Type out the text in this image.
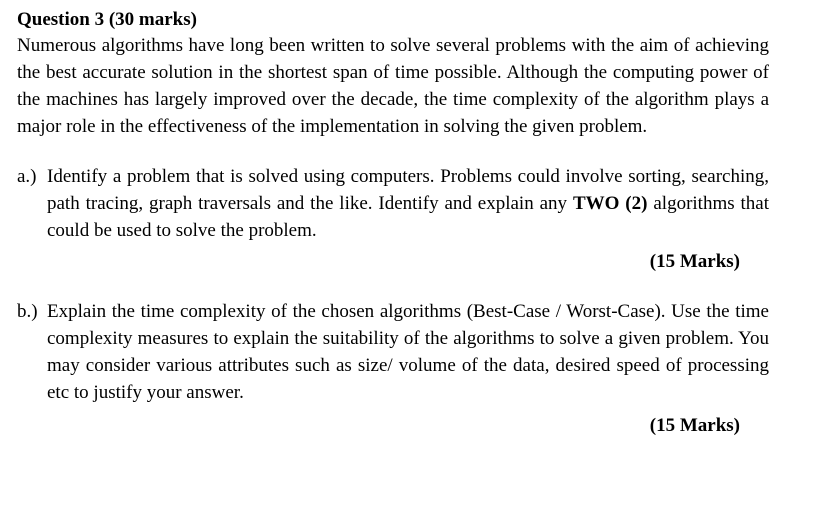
Question 3 (30 marks)

Numerous algorithms have long been written to solve several problems with the aim of achieving the best accurate solution in the shortest span of time possible. Although the computing power of the machines has largely improved over the decade, the time complexity of the algorithm plays a major role in the effectiveness of the implementation in solving the given problem.

a.) Identify a problem that is solved using computers. Problems could involve sorting, searching, path tracing, graph traversals and the like. Identify and explain any TWO (2) algorithms that could be used to solve the problem.
(15 Marks)
b.) Explain the time complexity of the chosen algorithms (Best-Case / Worst-Case). Use the time complexity measures to explain the suitability of the algorithms to solve a given problem. You may consider various attributes such as size/ volume of the data, desired speed of processing etc to justify your answer.
(15 Marks)
